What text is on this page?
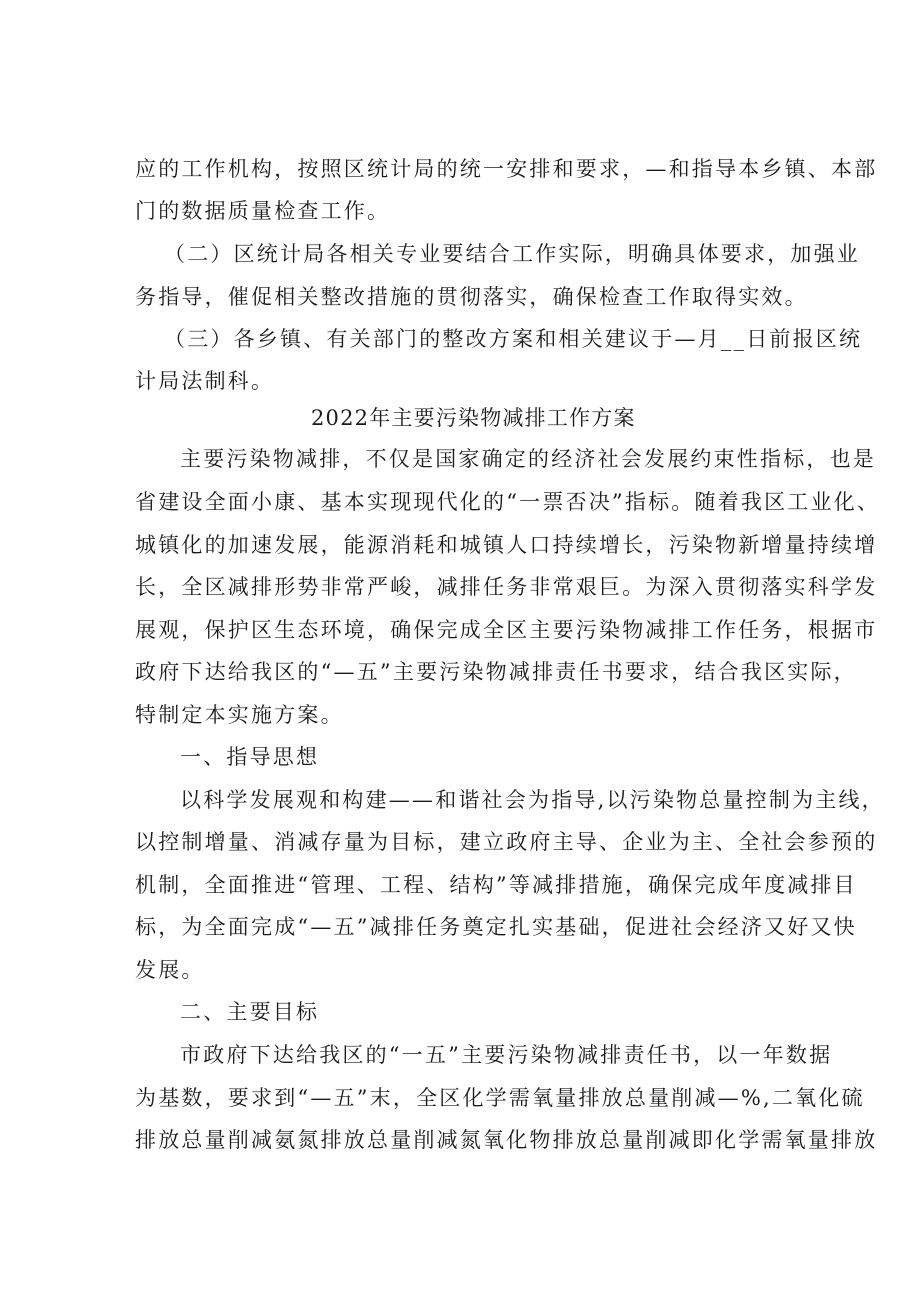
应的工作机构，按照区统计局的统一安排和要求，—和指导本乡镇、本部

门的数据质量检查工作。

（二）区统计局各相关专业要结合工作实际，明确具体要求，加强业

务指导，催促相关整改措施的贯彻落实，确保检查工作取得实效。

（三）各乡镇、有关部门的整改方案和相关建议于—月__日前报区统

计局法制科。

2022年主要污染物减排工作方案

主要污染物减排，不仅是国家确定的经济社会发展约束性指标，也是

省建设全面小康、基本实现现代化的“一票否决”指标。随着我区工业化、

城镇化的加速发展，能源消耗和城镇人口持续增长，污染物新增量持续增

长，全区减排形势非常严峻，减排任务非常艰巨。为深入贯彻落实科学发

展观，保护区生态环境，确保完成全区主要污染物减排工作任务，根据市

政府下达给我区的“—五”主要污染物减排责任书要求，结合我区实际，

特制定本实施方案。

一、指导思想

以科学发展观和构建——和谐社会为指导,以污染物总量控制为主线，

以控制增量、消减存量为目标，建立政府主导、企业为主、全社会参预的

机制，全面推进“管理、工程、结构”等减排措施，确保完成年度减排目

标，为全面完成“—五”减排任务奠定扎实基础，促进社会经济又好又快

发展。

二、主要目标

市政府下达给我区的“一五”主要污染物减排责任书，以一年数据

为基数，要求到“—五”末，全区化学需氧量排放总量削减—%,二氧化硫

排放总量削减氨氮排放总量削减氮氧化物排放总量削减即化学需氧量排放
